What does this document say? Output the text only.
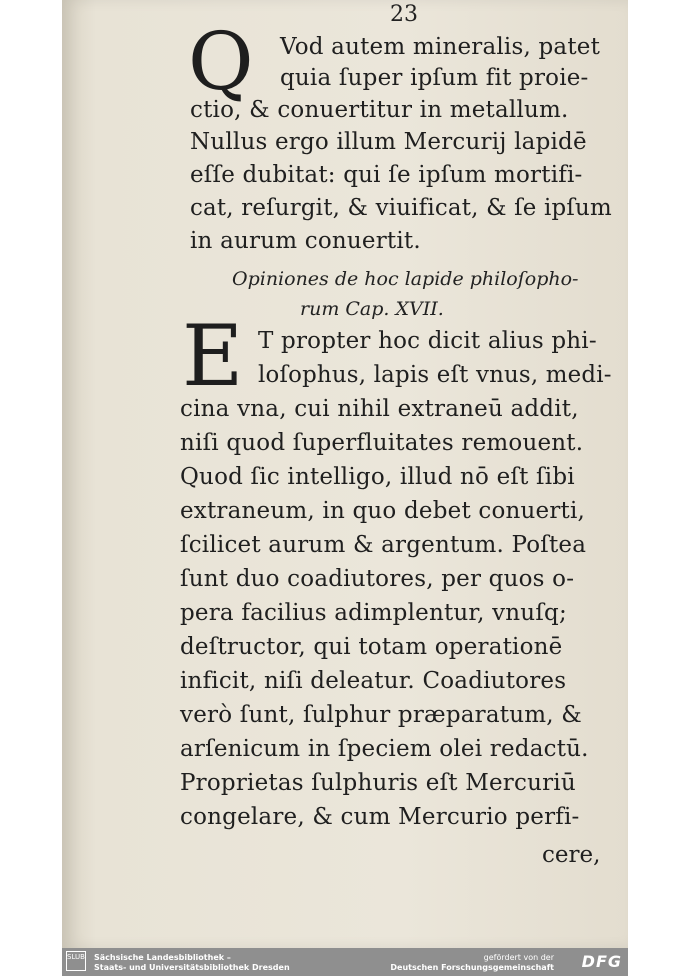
23
Q Vod autem mineralis, patet
quia ſuper ipſum fit proie-
ctio, & conuertitur in metallum.
Nullus ergo illum Mercurij lapidē
eſſe dubitat: qui ſe ipſum mortifi-
cat, reſurgit, & viuificat, & ſe ipſum
in aurum conuertit.
Opiniones de hoc lapide philoſopho-
rum Cap. XVII.
E T propter hoc dicit alius phi-
loſophus, lapis eſt vnus, medi-
cina vna, cui nihil extraneū addit,
niſi quod ſuperfluitates remouent.
Quod ſic intelligo, illud nō eſt ſibi
extraneum, in quo debet conuerti,
ſcilicet aurum & argentum. Poſtea
ſunt duo coadiutores, per quos o-
pera facilius adimplentur, vnuſq;
deſtructor, qui totam operationē
inficit, niſi deleatur. Coadiutores
verò ſunt, ſulphur præparatum, &
arſenicum in ſpeciem olei redactū.
Proprietas ſulphuris eſt Mercuriū
congelare, & cum Mercurio perfi-
cere,
SLUB Sächsische Landesbibliothek –
Staats- und Universitätsbibliothek Dresden
gefördert von der
Deutschen Forschungsgemeinschaft DFG
